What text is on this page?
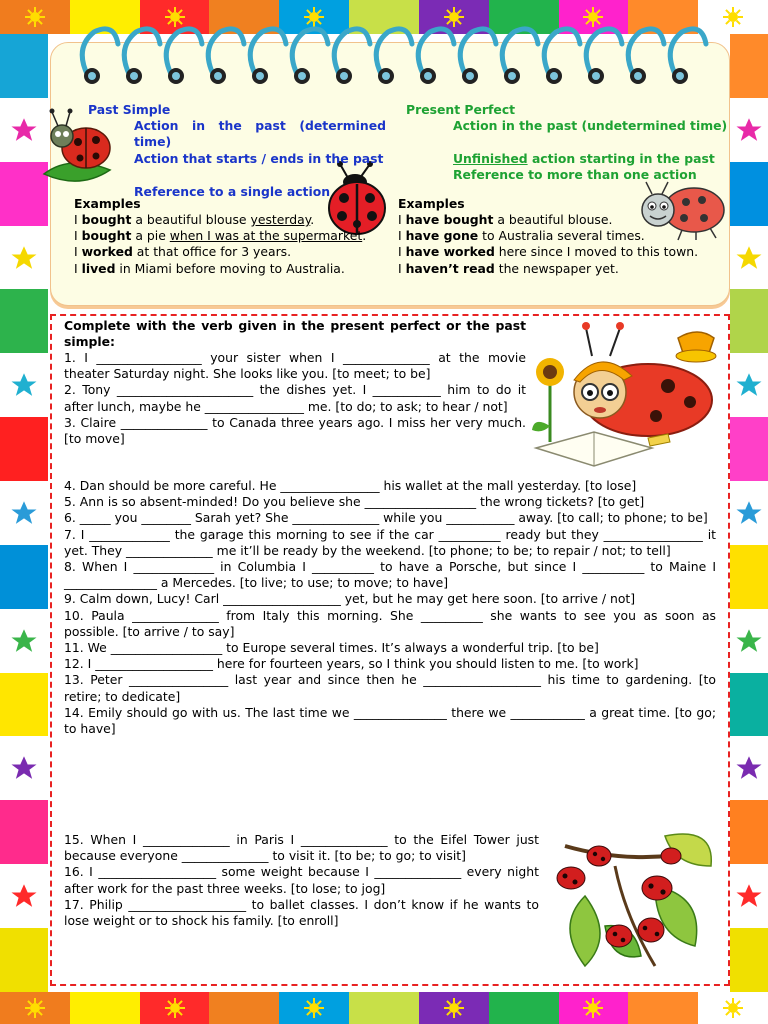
Past Simple
Action in the past (determined time)
Action that starts / ends in the past
Reference to a single action
Present Perfect
Action in the past (undetermined time)
Unfinished action starting in the past
Reference to more than one action
Examples
I bought a beautiful blouse yesterday.
I bought a pie when I was at the supermarket.
I worked at that office for 3 years.
I lived in Miami before moving to Australia.
Examples
I have bought a beautiful blouse.
I have gone to Australia several times.
I have worked here since I moved to this town.
I haven’t read the newspaper yet.
Complete with the verb given in the present perfect or the past simple:
1. I _________________ your sister when I ______________ at the movie theater Saturday night. She looks like you. [to meet; to be]
2. Tony ______________________ the dishes yet. I ___________ him to do it after lunch, maybe he ________________ me. [to do; to ask; to hear / not]
3. Claire ______________ to Canada three years ago. I miss her very much. [to move]
4. Dan should be more careful. He ________________ his wallet at the mall yesterday. [to lose]
5. Ann is so absent-minded! Do you believe she __________________ the wrong tickets? [to get]
6. _____ you ________ Sarah yet? She ______________ while you ___________ away. [to call; to phone; to be]
7. I _____________ the garage this morning to see if the car __________ ready but they ________________ it yet. They ______________ me it’ll be ready by the weekend. [to phone; to be; to repair / not; to tell]
8. When I _____________ in Columbia I __________ to have a Porsche, but since I __________ to Maine I _______________ a Mercedes. [to live; to use; to move; to have]
9. Calm down, Lucy! Carl ___________________ yet, but he may get here soon. [to arrive / not]
10. Paula ______________ from Italy this morning. She __________ she wants to see you as soon as possible. [to arrive / to say]
11. We __________________ to Europe several times. It’s always a wonderful trip. [to be]
12. I ___________________ here for fourteen years, so I think you should listen to me. [to work]
13. Peter ________________ last year and since then he ___________________ his time to gardening. [to retire; to dedicate]
14. Emily should go with us. The last time we _______________ there we ____________ a great time. [to go; to have]
15. When I ______________ in Paris I ______________ to the Eifel Tower just because everyone ______________ to visit it. [to be; to go; to visit]
16. I ___________________ some weight because I ______________ every night after work for the past three weeks. [to lose; to jog]
17. Philip ___________________ to ballet classes. I don’t know if he wants to lose weight or to shock his family. [to enroll]
